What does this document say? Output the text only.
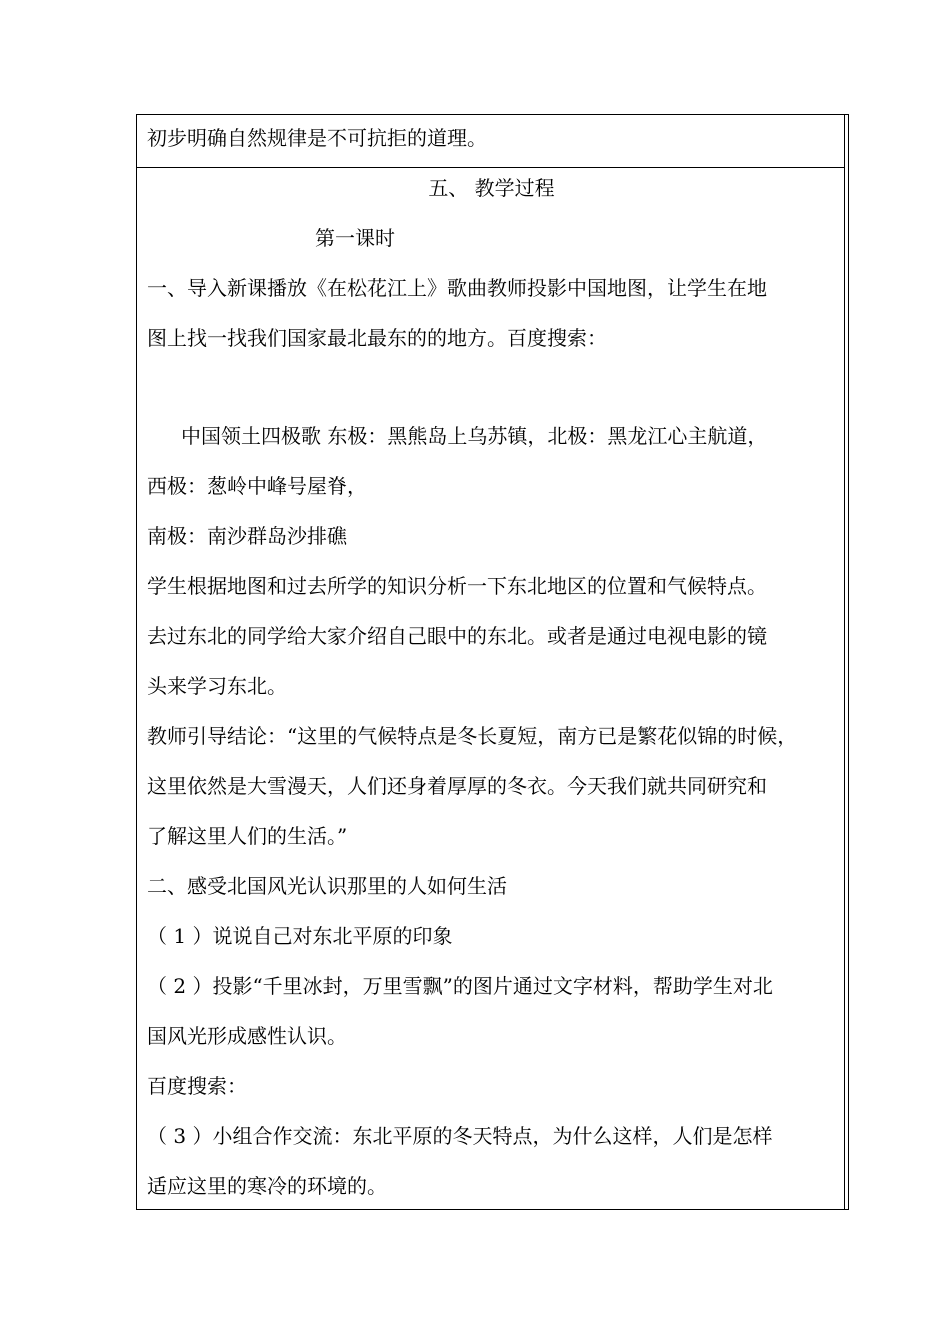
初步明确自然规律是不可抗拒的道理。
五、 教学过程
第一课时
一、导入新课播放《在松花江上》歌曲教师投影中国地图，让学生在地
图上找一找我们国家最北最东的的地方。百度搜索：
中国领土四极歌 东极：黑熊岛上乌苏镇，北极：黑龙江心主航道，
西极：葱岭中峰号屋脊，
南极：南沙群岛沙排礁
学生根据地图和过去所学的知识分析一下东北地区的位置和气候特点。
去过东北的同学给大家介绍自己眼中的东北。或者是通过电视电影的镜
头来学习东北。
教师引导结论：“这里的气候特点是冬长夏短，南方已是繁花似锦的时候，
这里依然是大雪漫天，人们还身着厚厚的冬衣。今天我们就共同研究和
了解这里人们的生活。”
二、感受北国风光认识那里的人如何生活
（ 1 ）说说自己对东北平原的印象
（ 2 ）投影“千里冰封，万里雪飘”的图片通过文字材料，帮助学生对北
国风光形成感性认识。
百度搜索：
（ 3 ）小组合作交流：东北平原的冬天特点，为什么这样，人们是怎样
适应这里的寒冷的环境的。
